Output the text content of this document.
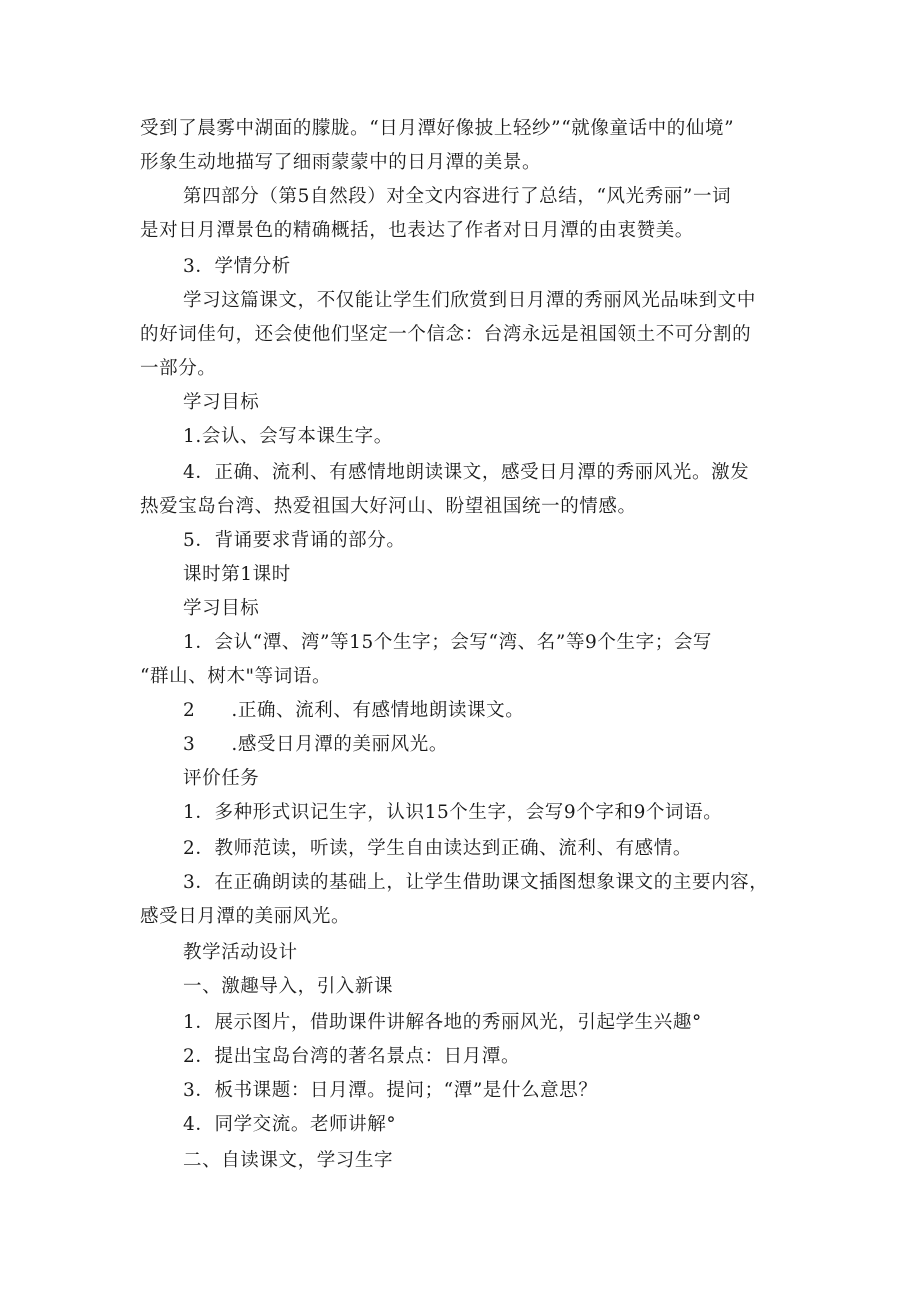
受到了晨雾中湖面的朦胧。“日月潭好像披上轻纱”“就像童话中的仙境”
形象生动地描写了细雨蒙蒙中的日月潭的美景。
第四部分（第5自然段）对全文内容进行了总结，“风光秀丽”一词
是对日月潭景色的精确概括，也表达了作者对日月潭的由衷赞美。
3．学情分析
学习这篇课文，不仅能让学生们欣赏到日月潭的秀丽风光品味到文中
的好词佳句，还会使他们坚定一个信念：台湾永远是祖国领土不可分割的
一部分。
学习目标
1.会认、会写本课生字。
4．正确、流利、有感情地朗读课文，感受日月潭的秀丽风光。激发
热爱宝岛台湾、热爱祖国大好河山、盼望祖国统一的情感。
5．背诵要求背诵的部分。
课时第1课时
学习目标
1．会认“潭、湾”等15个生字；会写“湾、名”等9个生字；会写
“群山、树木"等词语。
2 .正确、流利、有感情地朗读课文。
3 .感受日月潭的美丽风光。
评价任务
1．多种形式识记生字，认识15个生字，会写9个字和9个词语。
2．教师范读，听读，学生自由读达到正确、流利、有感情。
3．在正确朗读的基础上，让学生借助课文插图想象课文的主要内容，
感受日月潭的美丽风光。
教学活动设计
一、激趣导入，引入新课
1．展示图片，借助课件讲解各地的秀丽风光，引起学生兴趣°
2．提出宝岛台湾的著名景点：日月潭。
3．板书课题：日月潭。提问；“潭”是什么意思？
4．同学交流。老师讲解°
二、自读课文，学习生字
